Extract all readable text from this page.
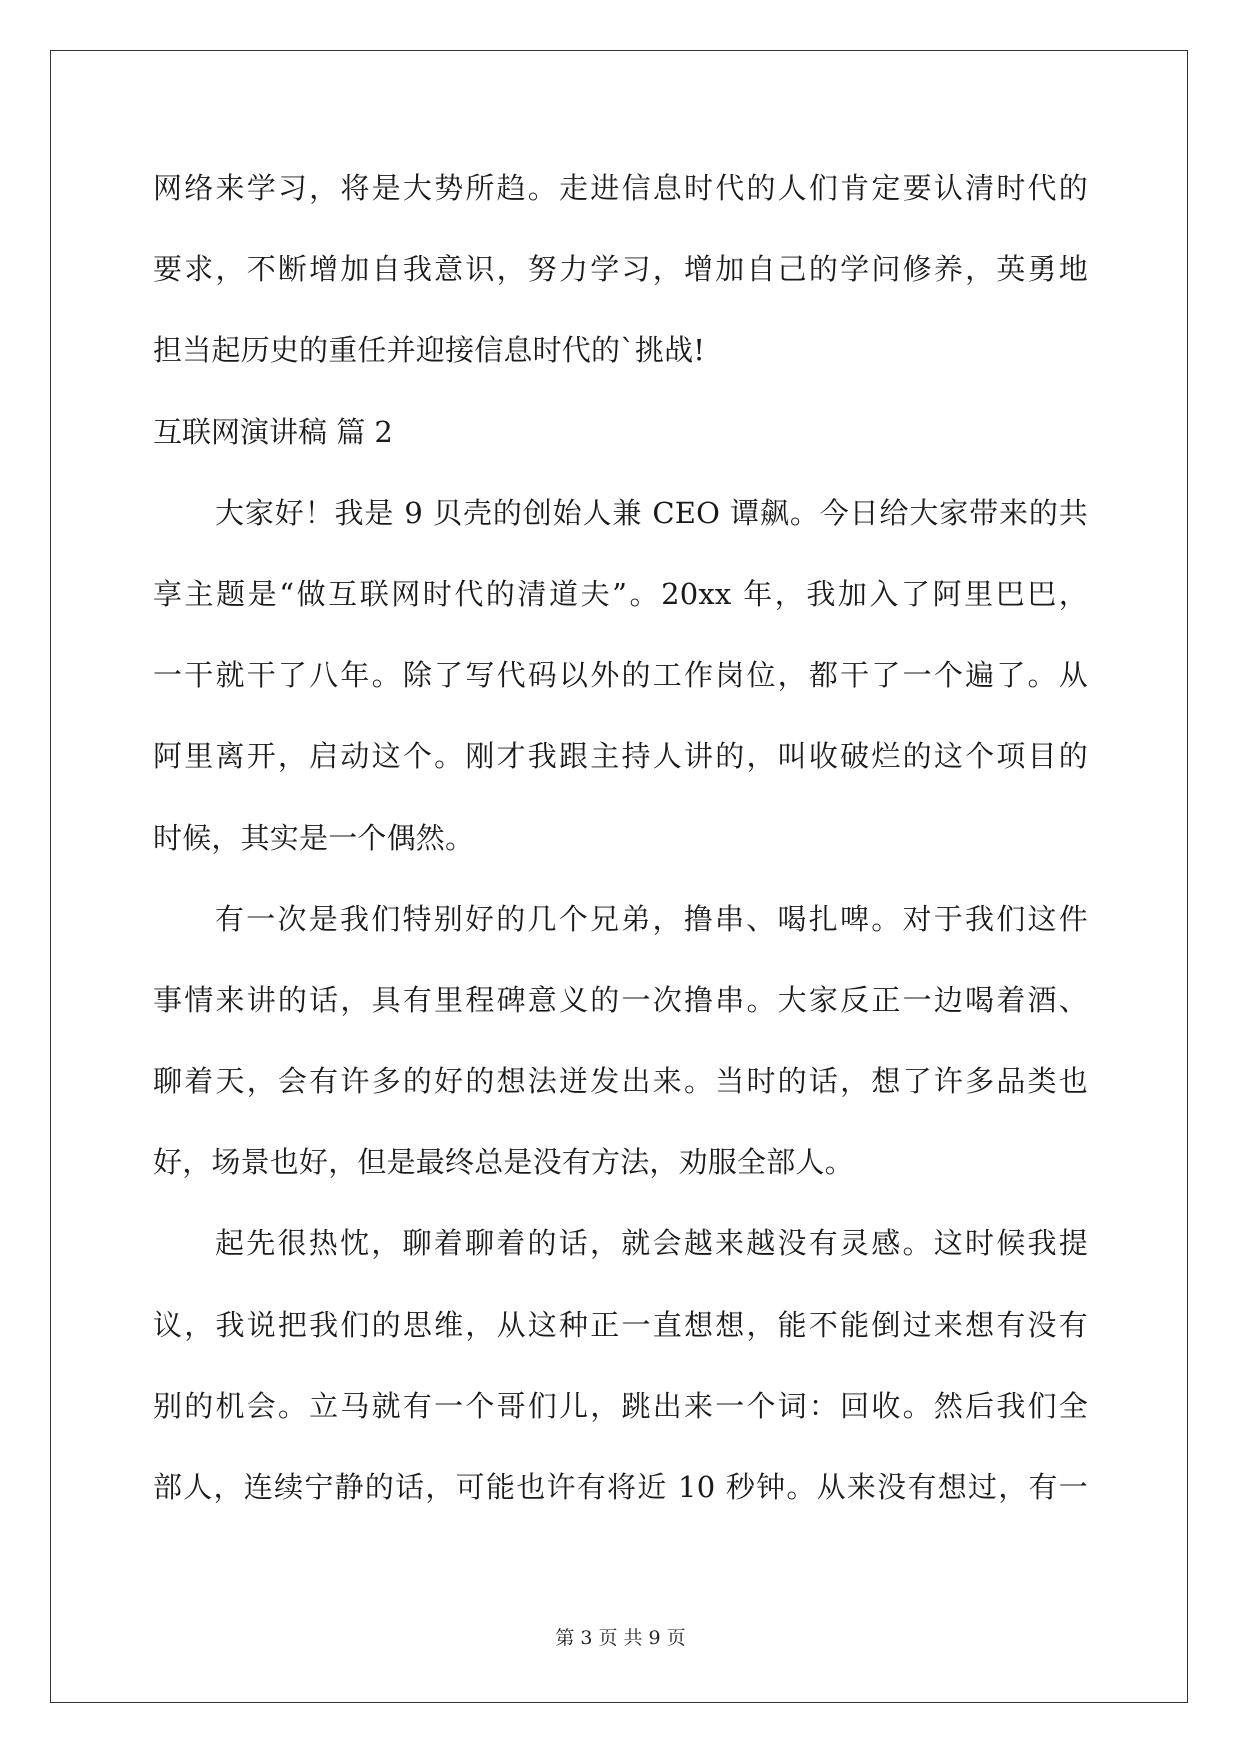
网络来学习，将是大势所趋。走进信息时代的人们肯定要认清时代的
要求，不断增加自我意识，努力学习，增加自己的学问修养，英勇地
担当起历史的重任并迎接信息时代的`挑战!
互联网演讲稿 篇 2
大家好！我是 9 贝壳的创始人兼 CEO 谭飙。今日给大家带来的共
享主题是“做互联网时代的清道夫”。20xx 年，我加入了阿里巴巴，
一干就干了八年。除了写代码以外的工作岗位，都干了一个遍了。从
阿里离开，启动这个。刚才我跟主持人讲的，叫收破烂的这个项目的
时候，其实是一个偶然。
有一次是我们特别好的几个兄弟，撸串、喝扎啤。对于我们这件
事情来讲的话，具有里程碑意义的一次撸串。大家反正一边喝着酒、
聊着天，会有许多的好的想法迸发出来。当时的话，想了许多品类也
好，场景也好，但是最终总是没有方法，劝服全部人。
起先很热忱，聊着聊着的话，就会越来越没有灵感。这时候我提
议，我说把我们的思维，从这种正一直想想，能不能倒过来想有没有
别的机会。立马就有一个哥们儿，跳出来一个词：回收。然后我们全
部人，连续宁静的话，可能也许有将近 10 秒钟。从来没有想过，有一
第 3 页 共 9 页
